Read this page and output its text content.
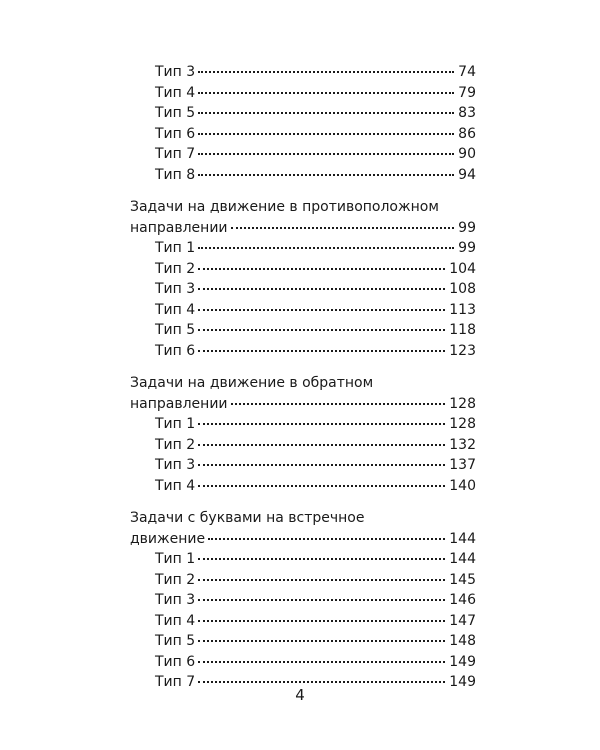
Тип 3	74
Тип 4	79
Тип 5	83
Тип 6	86
Тип 7	90
Тип 8	94
Задачи на движение в противоположном
направлении	99
Тип 1	99
Тип 2	104
Тип 3	108
Тип 4	113
Тип 5	118
Тип 6	123
Задачи на движение в обратном
направлении	128
Тип 1	128
Тип 2	132
Тип 3	137
Тип 4	140
Задачи с буквами на встречное
движение	144
Тип 1	144
Тип 2	145
Тип 3	146
Тип 4	147
Тип 5	148
Тип 6	149
Тип 7	149
4
